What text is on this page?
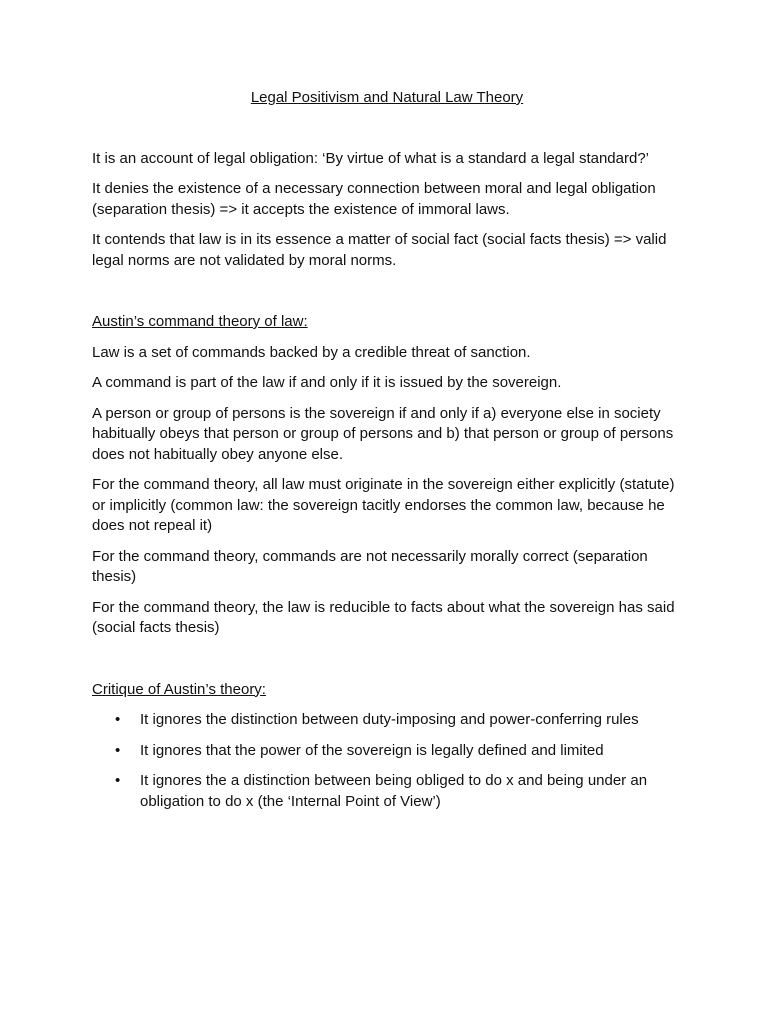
Legal Positivism and Natural Law Theory

It is an account of legal obligation: ‘By virtue of what is a standard a legal standard?’

It denies the existence of a necessary connection between moral and legal obligation (separation thesis) => it accepts the existence of immoral laws.

It contends that law is in its essence a matter of social fact (social facts thesis) => valid legal norms are not validated by moral norms.

Austin’s command theory of law:

Law is a set of commands backed by a credible threat of sanction.

A command is part of the law if and only if it is issued by the sovereign.

A person or group of persons is the sovereign if and only if a) everyone else in society habitually obeys that person or group of persons and b) that person or group of persons does not habitually obey anyone else.

For the command theory, all law must originate in the sovereign either explicitly (statute) or implicitly (common law: the sovereign tacitly endorses the common law, because he does not repeal it)

For the command theory, commands are not necessarily morally correct (separation thesis)

For the command theory, the law is reducible to facts about what the sovereign has said (social facts thesis)

Critique of Austin’s theory:
• It ignores the distinction between duty-imposing and power-conferring rules
• It ignores that the power of the sovereign is legally defined and limited
• It ignores the a distinction between being obliged to do x and being under an obligation to do x (the ‘Internal Point of View’)
